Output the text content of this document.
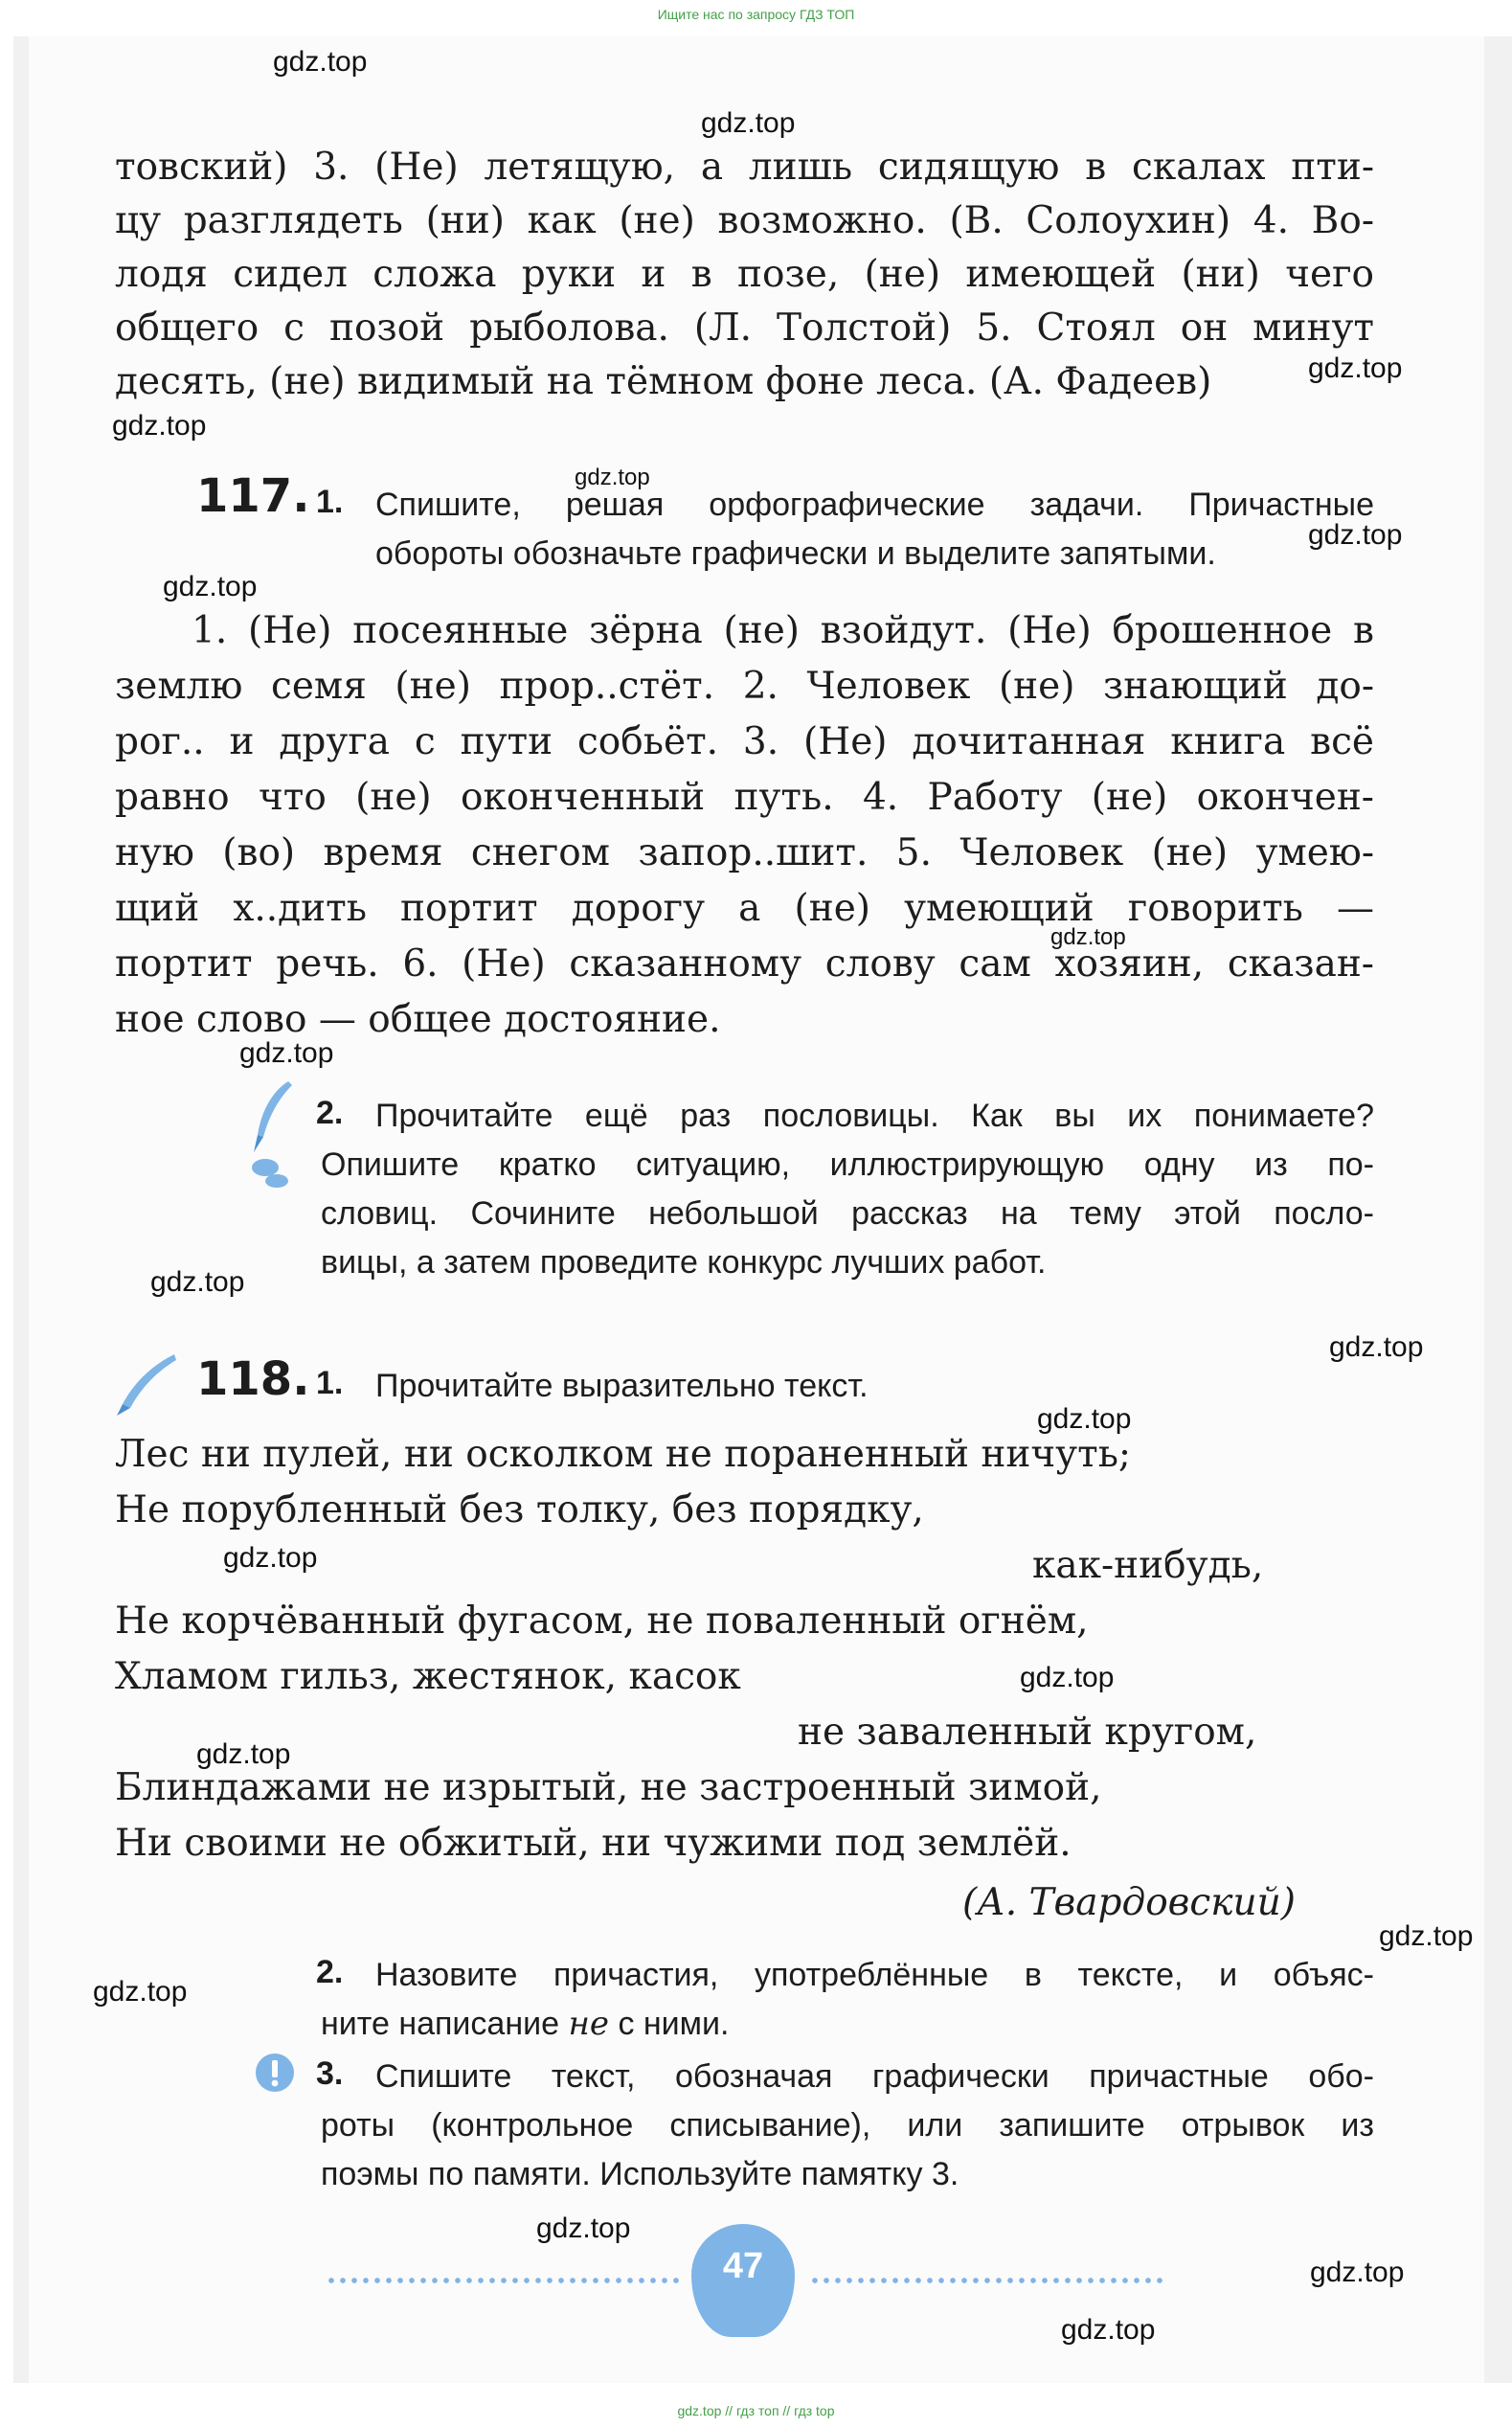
Ищите нас по запросу ГДЗ ТОП
товский) 3. (Не) летящую, а лишь сидящую в скалах пти-
цу разглядеть (ни) как (не) возможно. (В. Солоухин) 4. Во-
лодя сидел сложа руки и в позе, (не) имеющей (ни) чего
общего с позой рыболова. (Л. Толстой) 5. Стоял он минут
десять, (не) видимый на тёмном фоне леса. (А. Фадеев)
117. 1. Спишите, решая орфографические задачи. Причастные
обороты обозначьте графически и выделите запятыми.
1. (Не) посеянные зёрна (не) взойдут. (Не) брошенное в
землю семя (не) прор..стёт. 2. Человек (не) знающий до-
рог.. и друга с пути собьёт. 3. (Не) дочитанная книга всё
равно что (не) оконченный путь. 4. Работу (не) окончен-
ную (во) время снегом запор..шит. 5. Человек (не) умею-
щий х..дить портит дорогу а (не) умеющий говорить —
портит речь. 6. (Не) сказанному слову сам хозяин, сказан-
ное слово — общее достояние.
2. Прочитайте ещё раз пословицы. Как вы их понимаете?
Опишите кратко ситуацию, иллюстрирующую одну из по-
словиц. Сочините небольшой рассказ на тему этой посло-
вицы, а затем проведите конкурс лучших работ.
118. 1. Прочитайте выразительно текст.
Лес ни пулей, ни осколком не пораненный ничуть;
Не порубленный без толку, без порядку,
как-нибудь,
Не корчёванный фугасом, не поваленный огнём,
Хламом гильз, жестянок, касок
не заваленный кругом,
Блиндажами не изрытый, не застроенный зимой,
Ни своими не обжитый, ни чужими под землёй.
(А. Твардовский)
2. Назовите причастия, употреблённые в тексте, и объяс-
ните написание не с ними.
3. Спишите текст, обозначая графически причастные обо-
роты (контрольное списывание), или запишите отрывок из
поэмы по памяти. Используйте памятку 3.
47
gdz.top
gdz.top
gdz.top
gdz.top
gdz.top
gdz.top
gdz.top
gdz.top
gdz.top
gdz.top
gdz.top
gdz.top
gdz.top
gdz.top
gdz.top
gdz.top
gdz.top
gdz.top
gdz.top
gdz.top
gdz.top // гдз топ // гдз top
